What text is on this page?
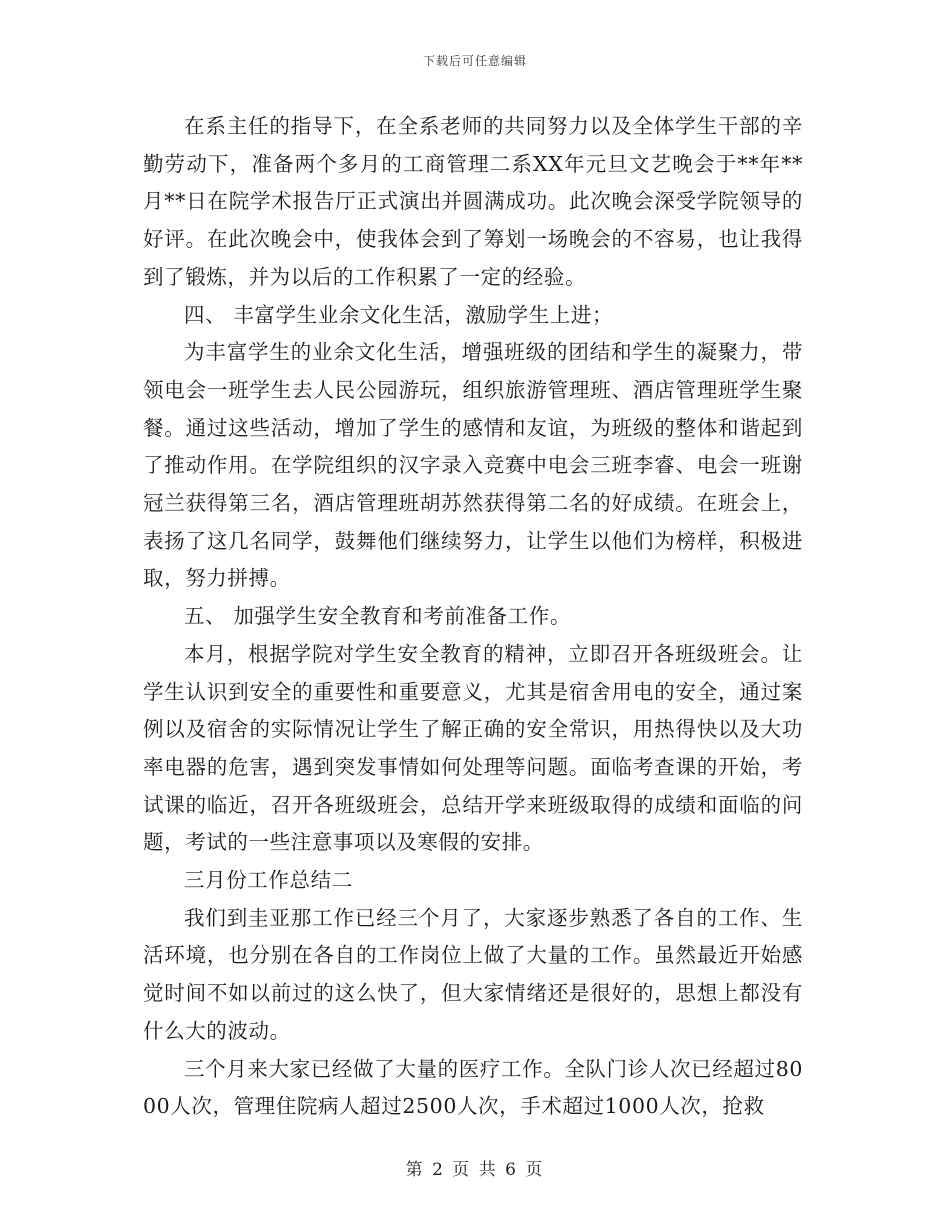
下载后可任意编辑

在系主任的指导下，在全系老师的共同努力以及全体学生干部的辛勤劳动下，准备两个多月的工商管理二系XX年元旦文艺晚会于**年**月**日在院学术报告厅正式演出并圆满成功。此次晚会深受学院领导的好评。在此次晚会中，使我体会到了筹划一场晚会的不容易，也让我得到了锻炼，并为以后的工作积累了一定的经验。

四、 丰富学生业余文化生活，激励学生上进；

为丰富学生的业余文化生活，增强班级的团结和学生的凝聚力，带领电会一班学生去人民公园游玩，组织旅游管理班、酒店管理班学生聚餐。通过这些活动，增加了学生的感情和友谊，为班级的整体和谐起到了推动作用。在学院组织的汉字录入竞赛中电会三班李睿、电会一班谢冠兰获得第三名，酒店管理班胡苏然获得第二名的好成绩。在班会上，表扬了这几名同学，鼓舞他们继续努力，让学生以他们为榜样，积极进取，努力拼搏。

五、 加强学生安全教育和考前准备工作。

本月，根据学院对学生安全教育的精神，立即召开各班级班会。让学生认识到安全的重要性和重要意义，尤其是宿舍用电的安全，通过案例以及宿舍的实际情况让学生了解正确的安全常识，用热得快以及大功率电器的危害，遇到突发事情如何处理等问题。面临考查课的开始，考试课的临近，召开各班级班会，总结开学来班级取得的成绩和面临的问题，考试的一些注意事项以及寒假的安排。

三月份工作总结二

我们到圭亚那工作已经三个月了，大家逐步熟悉了各自的工作、生活环境，也分别在各自的工作岗位上做了大量的工作。虽然最近开始感觉时间不如以前过的这么快了，但大家情绪还是很好的，思想上都没有什么大的波动。

三个月来大家已经做了大量的医疗工作。全队门诊人次已经超过8000人次，管理住院病人超过2500人次，手术超过1000人次，抢救

第 2 页 共 6 页
